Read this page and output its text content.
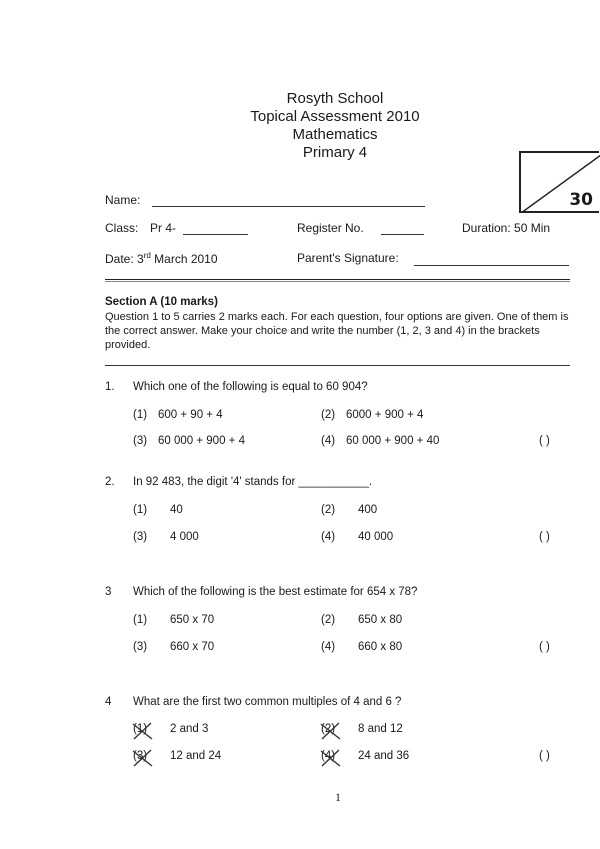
Rosyth School
Topical Assessment 2010
Mathematics
Primary 4
30
Name:
Class: Pr 4-	Register No.	Duration: 50 Min
Date: 3rd March 2010	Parent's Signature:
Section A (10 marks)
Question 1 to 5 carries 2 marks each. For each question, four options are given. One of them is the correct answer. Make your choice and write the number (1, 2, 3 and 4) in the brackets provided.
1. Which one of the following is equal to 60 904?
(1) 600 + 90 + 4	(2) 6000 + 900 + 4
(3) 60 000 + 900 + 4	(4) 60 000 + 900 + 40	( )
2. In 92 483, the digit '4' stands for ___________.
(1) 40	(2) 400
(3) 4 000	(4) 40 000	( )
3 Which of the following is the best estimate for 654 x 78?
(1) 650 x 70	(2) 650 x 80
(3) 660 x 70	(4) 660 x 80	( )
4 What are the first two common multiples of 4 and 6 ?
(1) 2 and 3	(2) 8 and 12
(3) 12 and 24	(4) 24 and 36	( )
1
